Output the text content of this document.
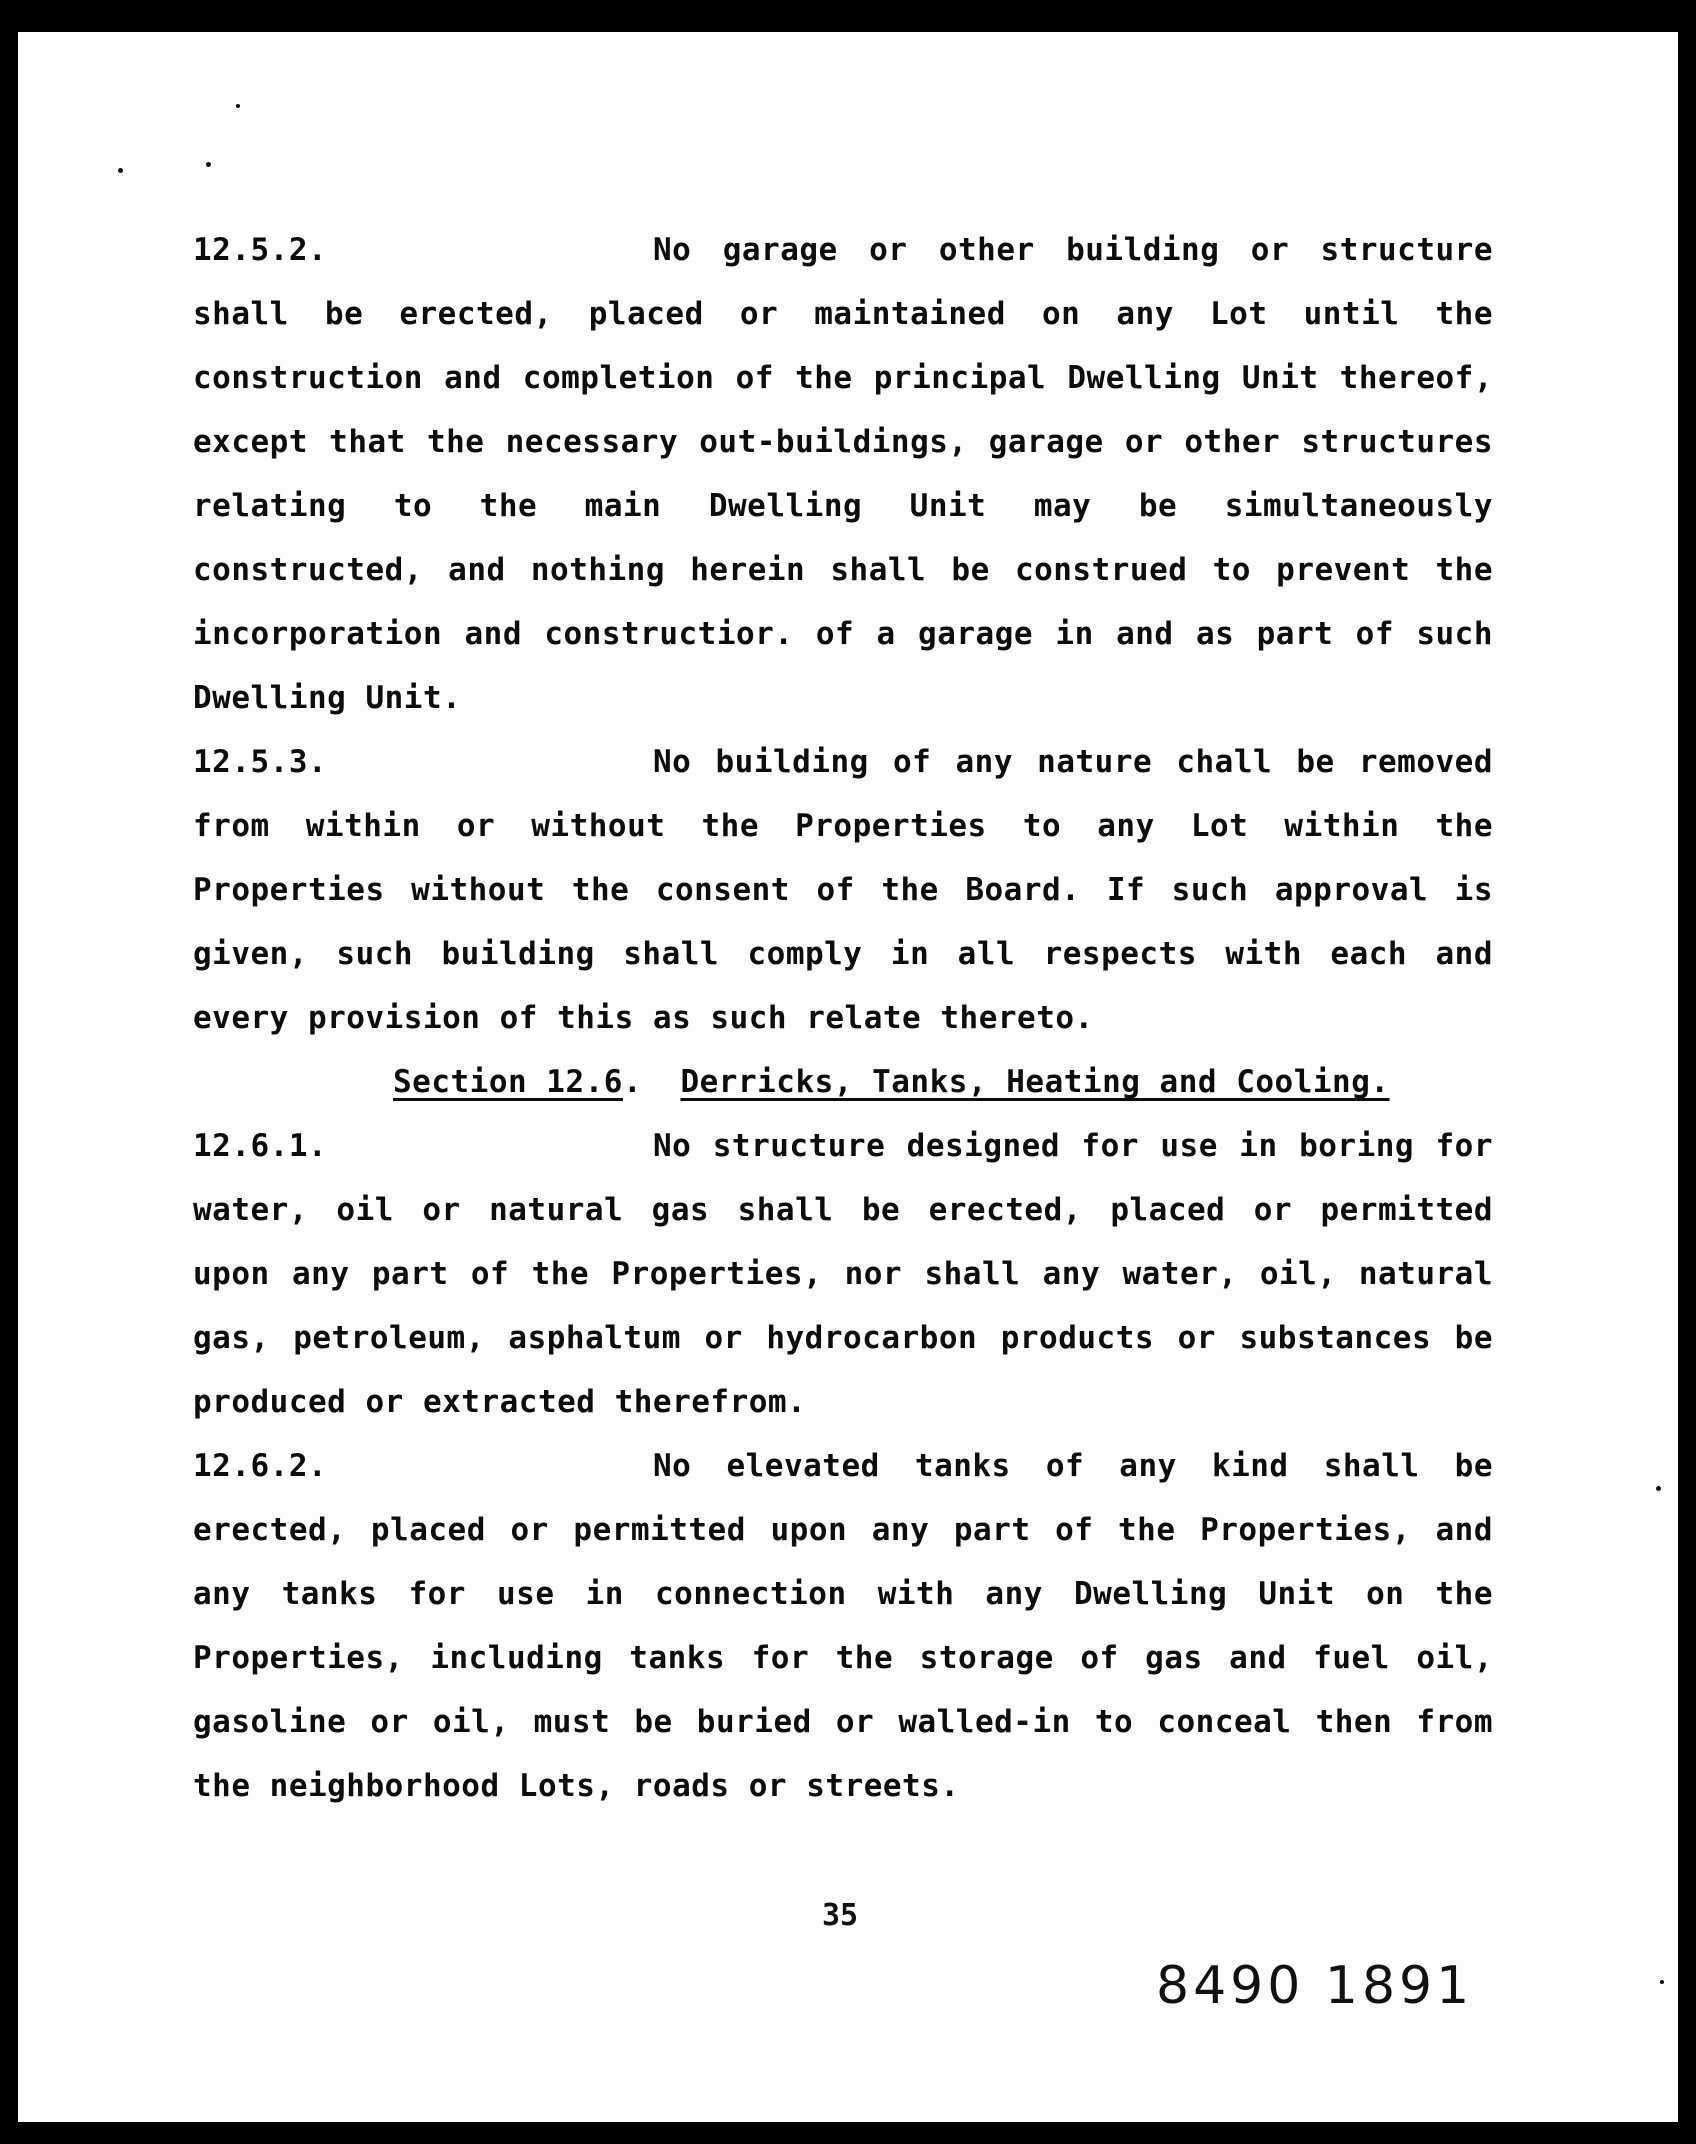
12.5.2.	No garage or other building or structure shall be erected, placed or maintained on any Lot until the construction and completion of the principal Dwelling Unit thereof, except that the necessary out-buildings, garage or other structures relating to the main Dwelling Unit may be simultaneously constructed, and nothing herein shall be construed to prevent the incorporation and constructior. of a garage in and as part of such Dwelling Unit.

12.5.3.	No building of any nature chall be removed from within or without the Properties to any Lot within the Properties without the consent of the Board. If such approval is given, such building shall comply in all respects with each and every provision of this as such relate thereto.

Section 12.6. Derricks, Tanks, Heating and Cooling.

12.6.1.	No structure designed for use in boring for water, oil or natural gas shall be erected, placed or permitted upon any part of the Properties, nor shall any water, oil, natural gas, petroleum, asphaltum or hydrocarbon products or substances be produced or extracted therefrom.

12.6.2.	No elevated tanks of any kind shall be erected, placed or permitted upon any part of the Properties, and any tanks for use in connection with any Dwelling Unit on the Properties, including tanks for the storage of gas and fuel oil, gasoline or oil, must be buried or walled-in to conceal then from the neighborhood Lots, roads or streets.

35
8490 1891
